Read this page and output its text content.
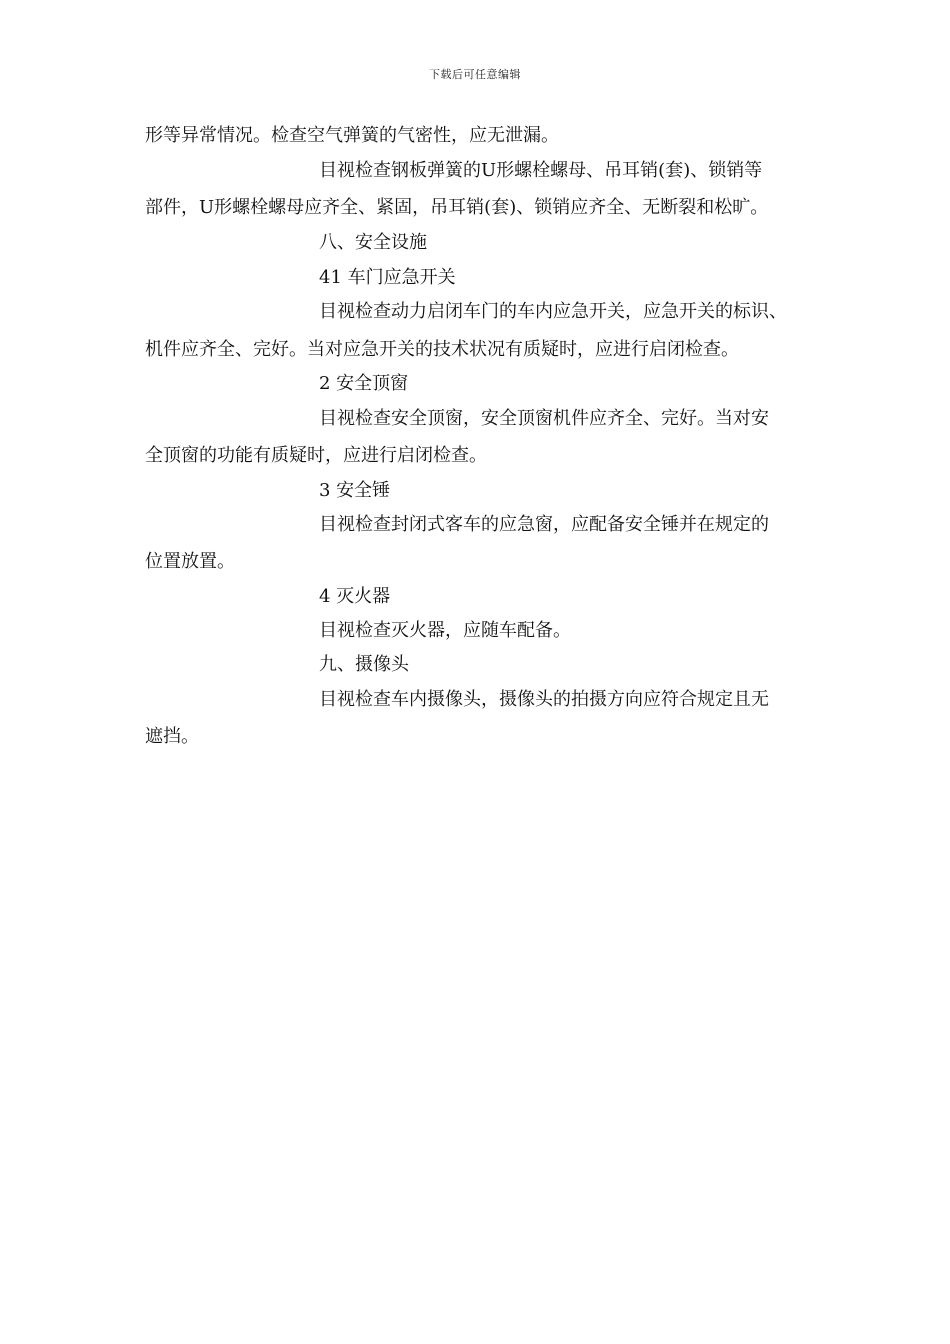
下载后可任意编辑
形等异常情况。检查空气弹簧的气密性，应无泄漏。
目视检查钢板弹簧的U形螺栓螺母、吊耳销(套)、锁销等
部件，U形螺栓螺母应齐全、紧固，吊耳销(套)、锁销应齐全、无断裂和松旷。
八、安全设施
41 车门应急开关
目视检查动力启闭车门的车内应急开关，应急开关的标识、
机件应齐全、完好。当对应急开关的技术状况有质疑时，应进行启闭检查。
2 安全顶窗
目视检查安全顶窗，安全顶窗机件应齐全、完好。当对安
全顶窗的功能有质疑时，应进行启闭检查。
3 安全锤
目视检查封闭式客车的应急窗，应配备安全锤并在规定的
位置放置。
4 灭火器
目视检查灭火器，应随车配备。
九、摄像头
目视检查车内摄像头，摄像头的拍摄方向应符合规定且无
遮挡。
